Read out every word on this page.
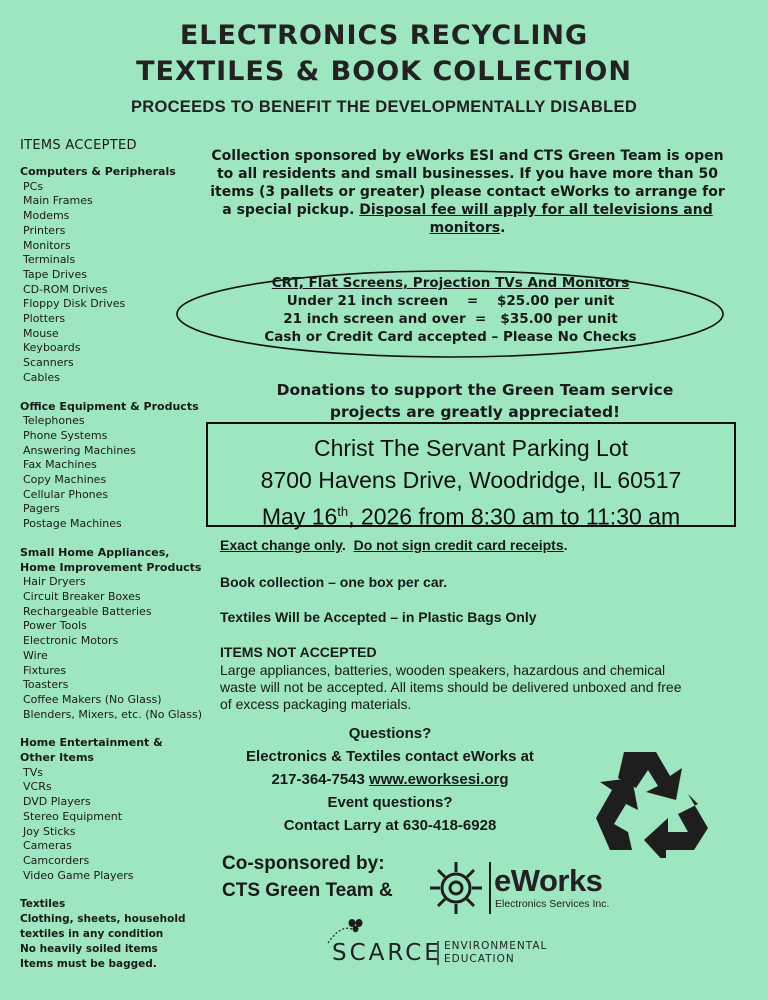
ELECTRONICS RECYCLING
TEXTILES & BOOK COLLECTION
PROCEEDS TO BENEFIT THE DEVELOPMENTALLY DISABLED
ITEMS ACCEPTED
Computers & Peripherals
PCs
Main Frames
Modems
Printers
Monitors
Terminals
Tape Drives
CD-ROM Drives
Floppy Disk Drives
Plotters
Mouse
Keyboards
Scanners
Cables
Office Equipment & Products
Telephones
Phone Systems
Answering Machines
Fax Machines
Copy Machines
Cellular Phones
Pagers
Postage Machines
Small Home Appliances,
Home Improvement Products
Hair Dryers
Circuit Breaker Boxes
Rechargeable Batteries
Power Tools
Electronic Motors
Wire
Fixtures
Toasters
Coffee Makers (No Glass)
Blenders, Mixers, etc. (No Glass)
Home Entertainment &
Other Items
TVs
VCRs
DVD Players
Stereo Equipment
Joy Sticks
Cameras
Camcorders
Video Game Players
Textiles
Clothing, sheets, household
textiles in any condition
No heavily soiled items
Items must be bagged.
Collection sponsored by eWorks ESI and CTS Green Team is open to all residents and small businesses. If you have more than 50 items (3 pallets or greater) please contact eWorks to arrange for a special pickup. Disposal fee will apply for all televisions and monitors.
CRT, Flat Screens, Projection TVs And Monitors
Under 21 inch screen    =    $25.00 per unit
21 inch screen and over  =   $35.00 per unit
Cash or Credit Card accepted – Please No Checks
Donations to support the Green Team service
projects are greatly appreciated!
Christ The Servant Parking Lot
8700 Havens Drive, Woodridge, IL 60517
May 16th, 2026 from 8:30 am to 11:30 am
Exact change only.  Do not sign credit card receipts.
Book collection – one box per car.
Textiles Will be Accepted – in Plastic Bags Only
ITEMS NOT ACCEPTED
Large appliances, batteries, wooden speakers, hazardous and chemical waste will not be accepted. All items should be delivered unboxed and free of excess packaging materials.
Questions?
Electronics & Textiles contact eWorks at
217-364-7543 www.eworksesi.org
Event questions?
Contact Larry at 630-418-6928
Co-sponsored by:
CTS Green Team &	eWorks
Electronics Services Inc.
SCARCE ENVIRONMENTAL
EDUCATION
